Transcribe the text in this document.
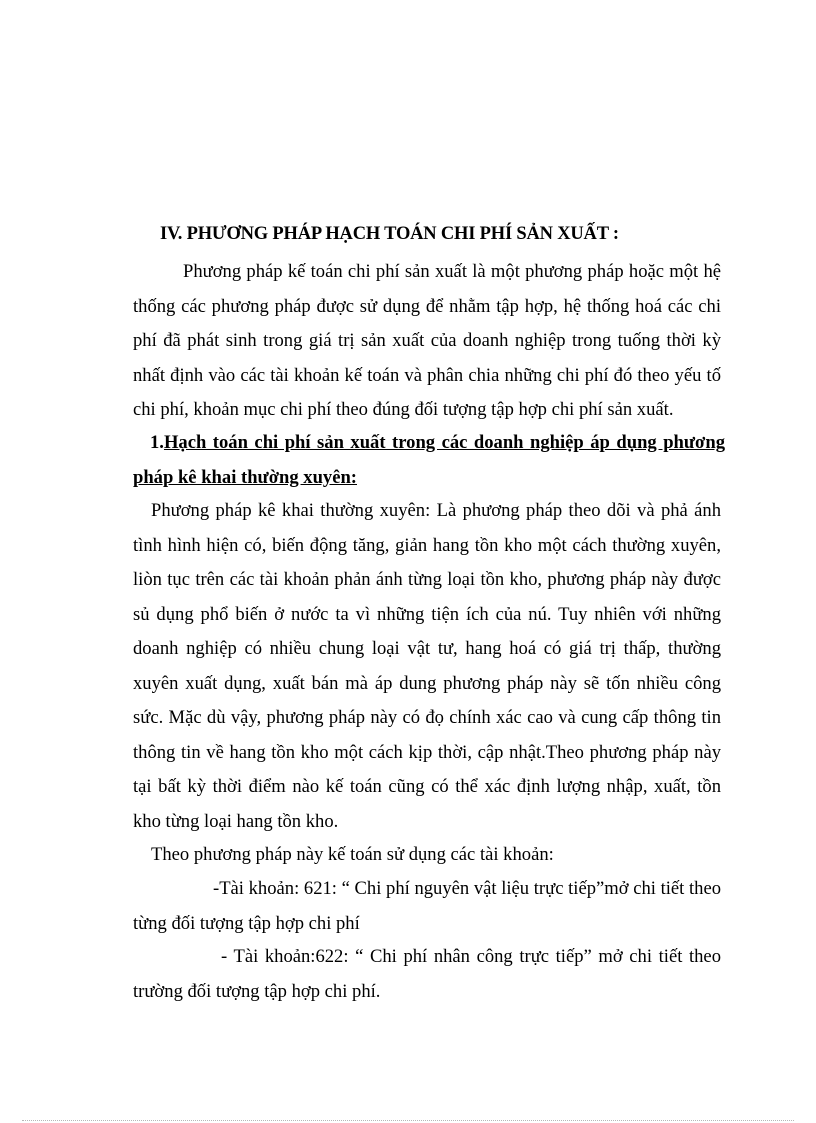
IV. PHƯƠNG PHÁP HẠCH TOÁN CHI PHÍ SẢN XUẤT :
Phương pháp kế toán chi phí sản xuất là một phương pháp hoặc một hệ thống các phương pháp được sử dụng để nhằm tập hợp, hệ thống hoá các chi phí đã phát sinh trong giá trị sản xuất của doanh nghiệp trong tuống thời kỳ nhất định vào các tài khoản kế toán và phân chia những chi phí đó theo yếu tố chi phí, khoản mục chi phí theo đúng đối tượng tập hợp chi phí sản xuất.
1.Hạch toán chi phí sản xuất trong các doanh nghiệp áp dụng phương pháp kê khai thường xuyên:
Phương pháp kê khai thường xuyên: Là phương pháp theo dõi và phả ánh tình hình hiện có, biến động tăng, giản hang tồn kho một cách thường xuyên, liòn tục trên các tài khoản phản ánh từng loại tồn kho, phương pháp này được sủ dụng phổ biến ở nước ta vì những tiện ích của nú. Tuy nhiên với những doanh nghiệp có nhiều chung loại vật tư, hang hoá có giá trị thấp, thường xuyên xuất dụng, xuất bán mà áp dung phương pháp này sẽ tốn nhiều công sức. Mặc dù vậy, phương pháp này có đọ chính xác cao và cung cấp thông tin thông tin về hang tồn kho một cách kịp thời, cập nhật.Theo phương pháp này tại bất kỳ thời điểm nào kế toán cũng có thể xác định lượng nhập, xuất, tồn kho từng loại hang tồn kho.
Theo phương pháp này kế toán sử dụng các tài khoản:
-Tài khoản: 621: “ Chi phí nguyên vật liệu trực tiếp”mở chi tiết theo từng đối tượng tập hợp chi phí
- Tài khoản:622: “ Chi phí nhân công trực tiếp” mở chi tiết theo trường đối tượng tập hợp chi phí.
